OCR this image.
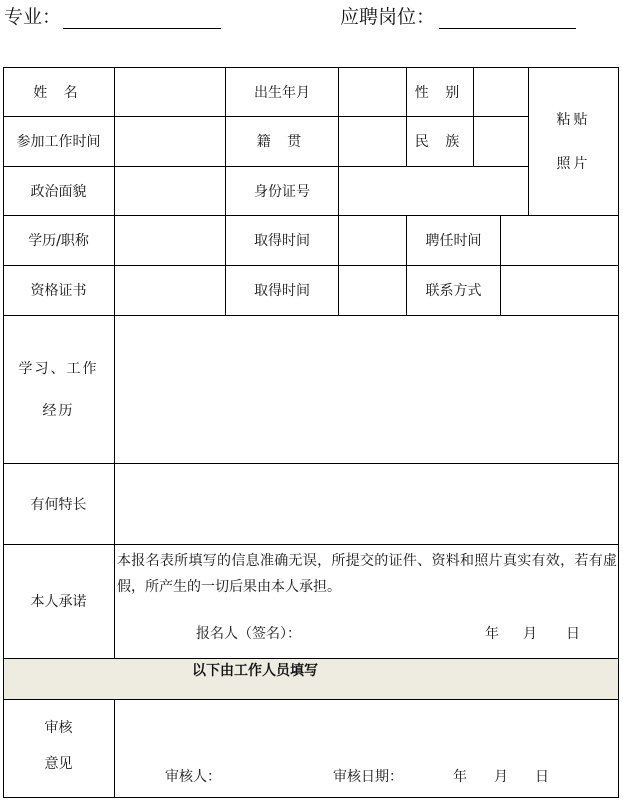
专业：	应聘岗位：
姓 名	出生年月	性 别
粘贴
照片
参加工作时间	籍 贯	民 族
政治面貌	身份证号
学历/职称	取得时间	聘任时间
资格证书	取得时间	联系方式
学习、工作
经历
有何特长
本人承诺
本报名表所填写的信息准确无误，所提交的证件、资料和照片真实有效，若有虚假，所产生的一切后果由本人承担。
报名人（签名）：	年 月 日
以下由工作人员填写
审核
意见
审核人：	审核日期：	年 月 日
